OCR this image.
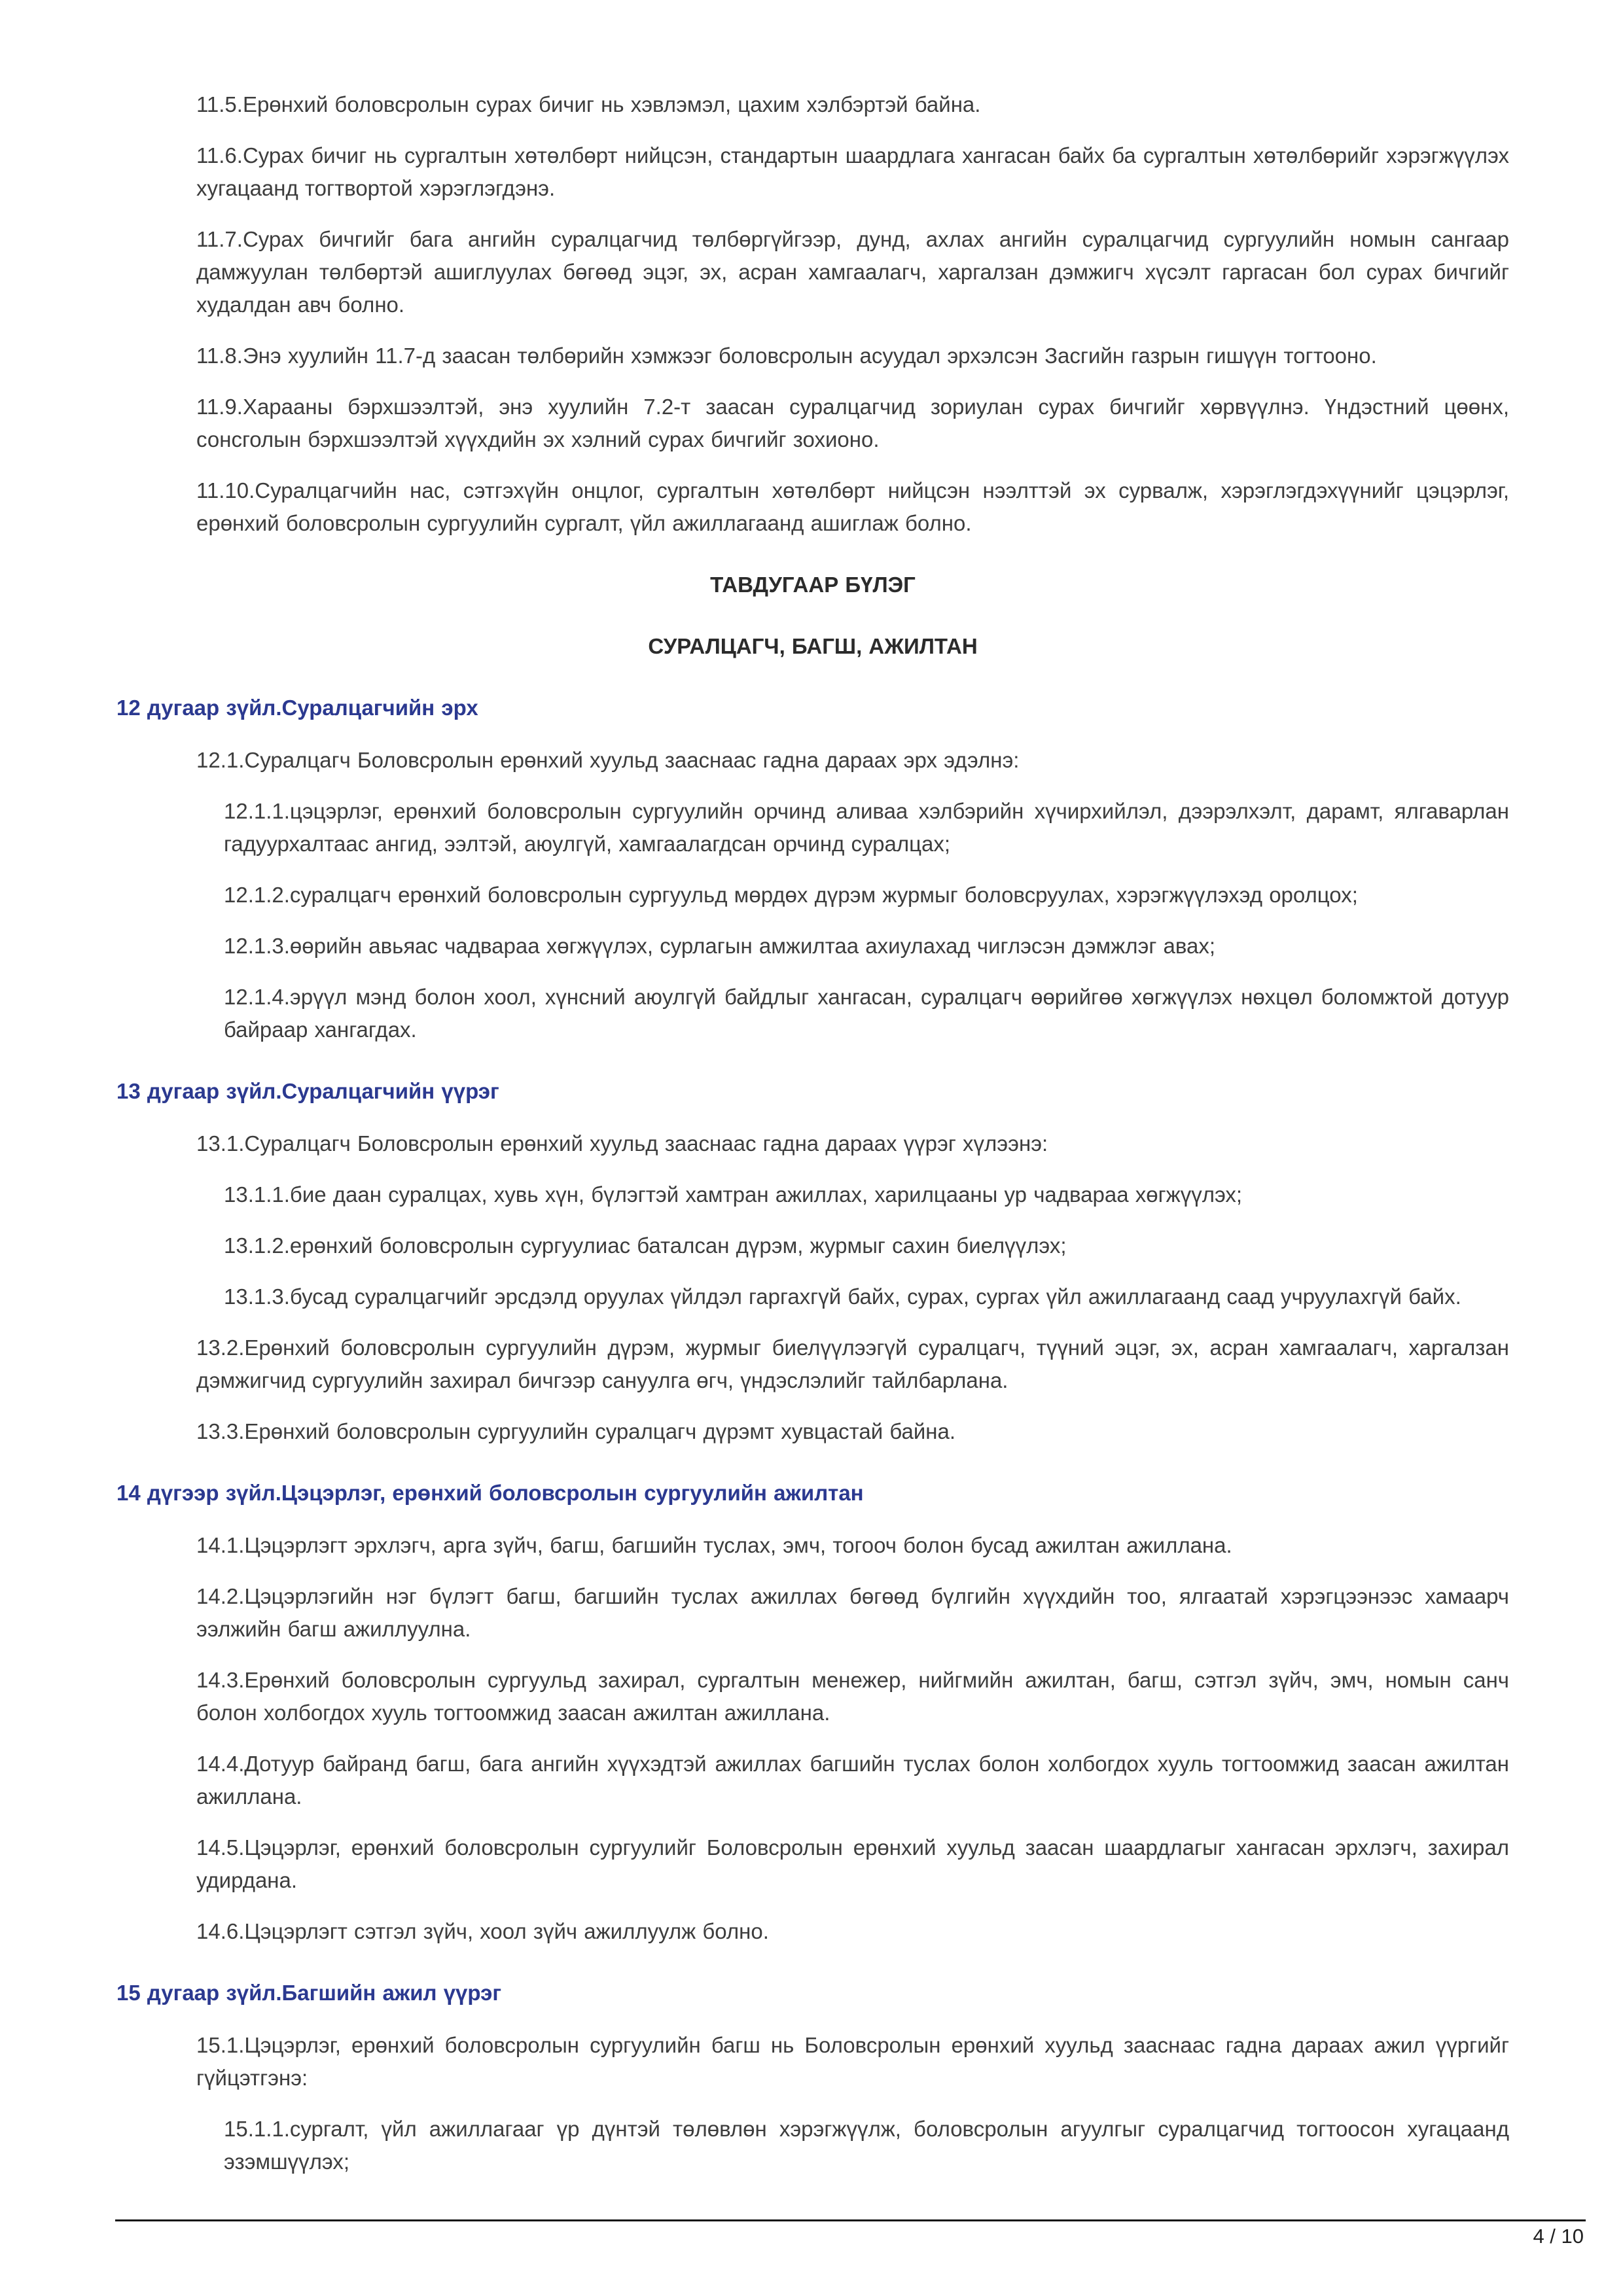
11.5.Ерөнхий боловсролын сурах бичиг нь хэвлэмэл, цахим хэлбэртэй байна.

11.6.Сурах бичиг нь сургалтын хөтөлбөрт нийцсэн, стандартын шаардлага хангасан байх ба сургалтын хөтөлбөрийг хэрэгжүүлэх хугацаанд тогтвортой хэрэглэгдэнэ.

11.7.Сурах бичгийг бага ангийн суралцагчид төлбөргүйгээр, дунд, ахлах ангийн суралцагчид сургуулийн номын сангаар дамжуулан төлбөртэй ашиглуулах бөгөөд эцэг, эх, асран хамгаалагч, харгалзан дэмжигч хүсэлт гаргасан бол сурах бичгийг худалдан авч болно.

11.8.Энэ хуулийн 11.7-д заасан төлбөрийн хэмжээг боловсролын асуудал эрхэлсэн Засгийн газрын гишүүн тогтооно.

11.9.Харааны бэрхшээлтэй, энэ хуулийн 7.2-т заасан суралцагчид зориулан сурах бичгийг хөрвүүлнэ. Үндэстний цөөнх, сонсголын бэрхшээлтэй хүүхдийн эх хэлний сурах бичгийг зохионо.

11.10.Суралцагчийн нас, сэтгэхүйн онцлог, сургалтын хөтөлбөрт нийцсэн нээлттэй эх сурвалж, хэрэглэгдэхүүнийг цэцэрлэг, ерөнхий боловсролын сургуулийн сургалт, үйл ажиллагаанд ашиглаж болно.

ТАВДУГААР БҮЛЭГ

СУРАЛЦАГЧ, БАГШ, АЖИЛТАН

12 дугаар зүйл.Суралцагчийн эрх

12.1.Суралцагч Боловсролын ерөнхий хуульд зааснаас гадна дараах эрх эдэлнэ:

12.1.1.цэцэрлэг, ерөнхий боловсролын сургуулийн орчинд аливаа хэлбэрийн хүчирхийлэл, дээрэлхэлт, дарамт, ялгаварлан гадуурхалтаас ангид, ээлтэй, аюулгүй, хамгаалагдсан орчинд суралцах;

12.1.2.суралцагч ерөнхий боловсролын сургуульд мөрдөх дүрэм журмыг боловсруулах, хэрэгжүүлэхэд оролцох;

12.1.3.өөрийн авьяас чадвараа хөгжүүлэх, сурлагын амжилтаа ахиулахад чиглэсэн дэмжлэг авах;

12.1.4.эрүүл мэнд болон хоол, хүнсний аюулгүй байдлыг хангасан, суралцагч өөрийгөө хөгжүүлэх нөхцөл боломжтой дотуур байраар хангагдах.

13 дугаар зүйл.Суралцагчийн үүрэг

13.1.Суралцагч Боловсролын ерөнхий хуульд зааснаас гадна дараах үүрэг хүлээнэ:

13.1.1.бие даан суралцах, хувь хүн, бүлэгтэй хамтран ажиллах, харилцааны ур чадвараа хөгжүүлэх;

13.1.2.ерөнхий боловсролын сургуулиас баталсан дүрэм, журмыг сахин биелүүлэх;

13.1.3.бусад суралцагчийг эрсдэлд оруулах үйлдэл гаргахгүй байх, сурах, сургах үйл ажиллагаанд саад учруулахгүй байх.

13.2.Ерөнхий боловсролын сургуулийн дүрэм, журмыг биелүүлээгүй суралцагч, түүний эцэг, эх, асран хамгаалагч, харгалзан дэмжигчид сургуулийн захирал бичгээр сануулга өгч, үндэслэлийг тайлбарлана.

13.3.Ерөнхий боловсролын сургуулийн суралцагч дүрэмт хувцастай байна.

14 дүгээр зүйл.Цэцэрлэг, ерөнхий боловсролын сургуулийн ажилтан

14.1.Цэцэрлэгт эрхлэгч, арга зүйч, багш, багшийн туслах, эмч, тогооч болон бусад ажилтан ажиллана.

14.2.Цэцэрлэгийн нэг бүлэгт багш, багшийн туслах ажиллах бөгөөд бүлгийн хүүхдийн тоо, ялгаатай хэрэгцээнээс хамаарч ээлжийн багш ажиллуулна.

14.3.Ерөнхий боловсролын сургуульд захирал, сургалтын менежер, нийгмийн ажилтан, багш, сэтгэл зүйч, эмч, номын санч болон холбогдох хууль тогтоомжид заасан ажилтан ажиллана.

14.4.Дотуур байранд багш, бага ангийн хүүхэдтэй ажиллах багшийн туслах болон холбогдох хууль тогтоомжид заасан ажилтан ажиллана.

14.5.Цэцэрлэг, ерөнхий боловсролын сургуулийг Боловсролын ерөнхий хуульд заасан шаардлагыг хангасан эрхлэгч, захирал удирдана.

14.6.Цэцэрлэгт сэтгэл зүйч, хоол зүйч ажиллуулж болно.

15 дугаар зүйл.Багшийн ажил үүрэг

15.1.Цэцэрлэг, ерөнхий боловсролын сургуулийн багш нь Боловсролын ерөнхий хуульд зааснаас гадна дараах ажил үүргийг гүйцэтгэнэ:

15.1.1.сургалт, үйл ажиллагааг үр дүнтэй төлөвлөн хэрэгжүүлж, боловсролын агуулгыг суралцагчид тогтоосон хугацаанд эзэмшүүлэх;

4 / 10
